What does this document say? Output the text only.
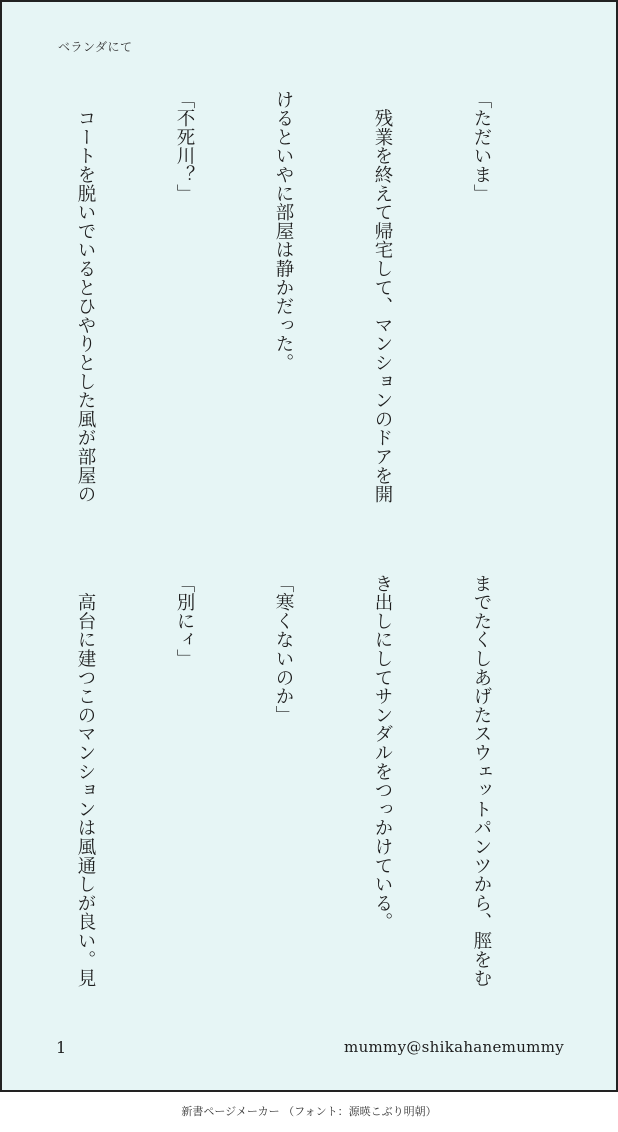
ベランダにて

「ただいま」

　残業を終えて帰宅して、マンションのドアを開

けるといやに部屋は静かだった。

「不死川？」

　コートを脱いでいるとひやりとした風が部屋の

までたくしあげたスウェットパンツから、脛をむ

き出しにしてサンダルをつっかけている。

「寒くないのか」

「別にィ」

　高台に建つこのマンションは風通しが良い。見

1	mummy@shikahanemummy
新書ページメーカー （フォント：源暎こぶり明朝）
